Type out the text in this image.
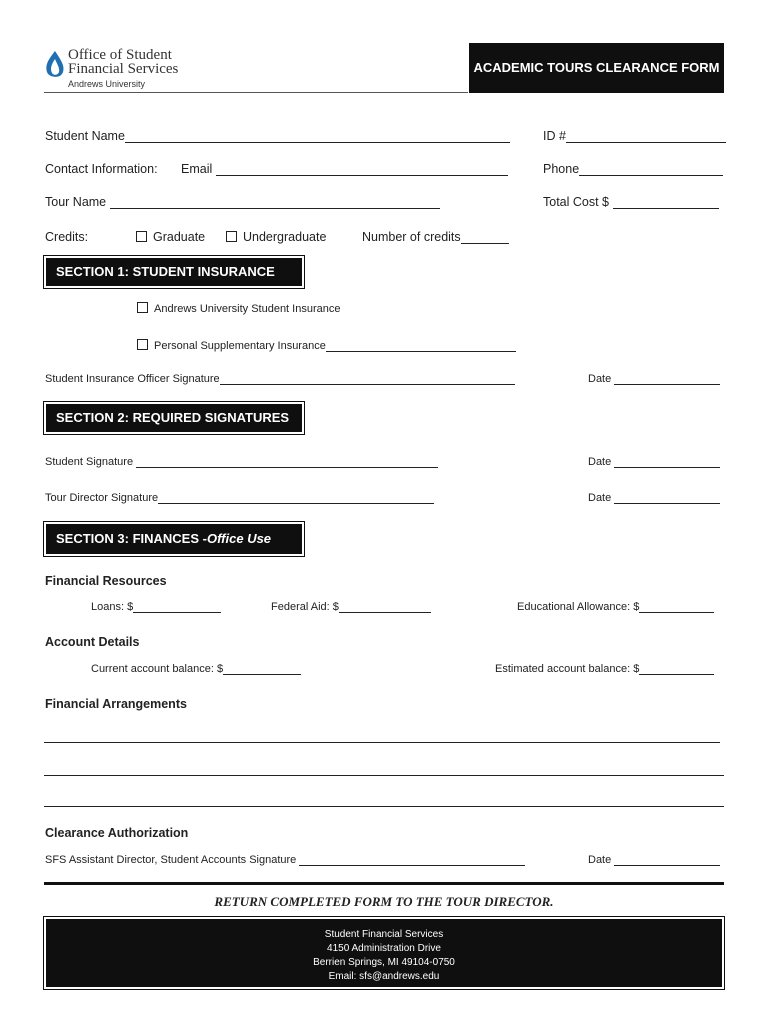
Office of Student
Financial Services
Andrews University
ACADEMIC TOURS CLEARANCE FORM
Student Name	ID #
Contact Information: Email	Phone
Tour Name	Total Cost $
Credits:	Graduate	Undergraduate	Number of credits
SECTION 1: STUDENT INSURANCE
Andrews University Student Insurance
Personal Supplementary Insurance
Student Insurance Officer Signature	Date
SECTION 2: REQUIRED SIGNATURES
Student Signature	Date
Tour Director Signature	Date
SECTION 3: FINANCES -Office Use Only
Financial Resources
Loans: $	Federal Aid: $	Educational Allowance: $
Account Details
Current account balance: $	Estimated account balance: $
Financial Arrangements
Clearance Authorization
SFS Assistant Director, Student Accounts Signature	Date
RETURN COMPLETED FORM TO THE TOUR DIRECTOR.
Student Financial Services
4150 Administration Drive
Berrien Springs, MI 49104-0750
Email: sfs@andrews.edu
